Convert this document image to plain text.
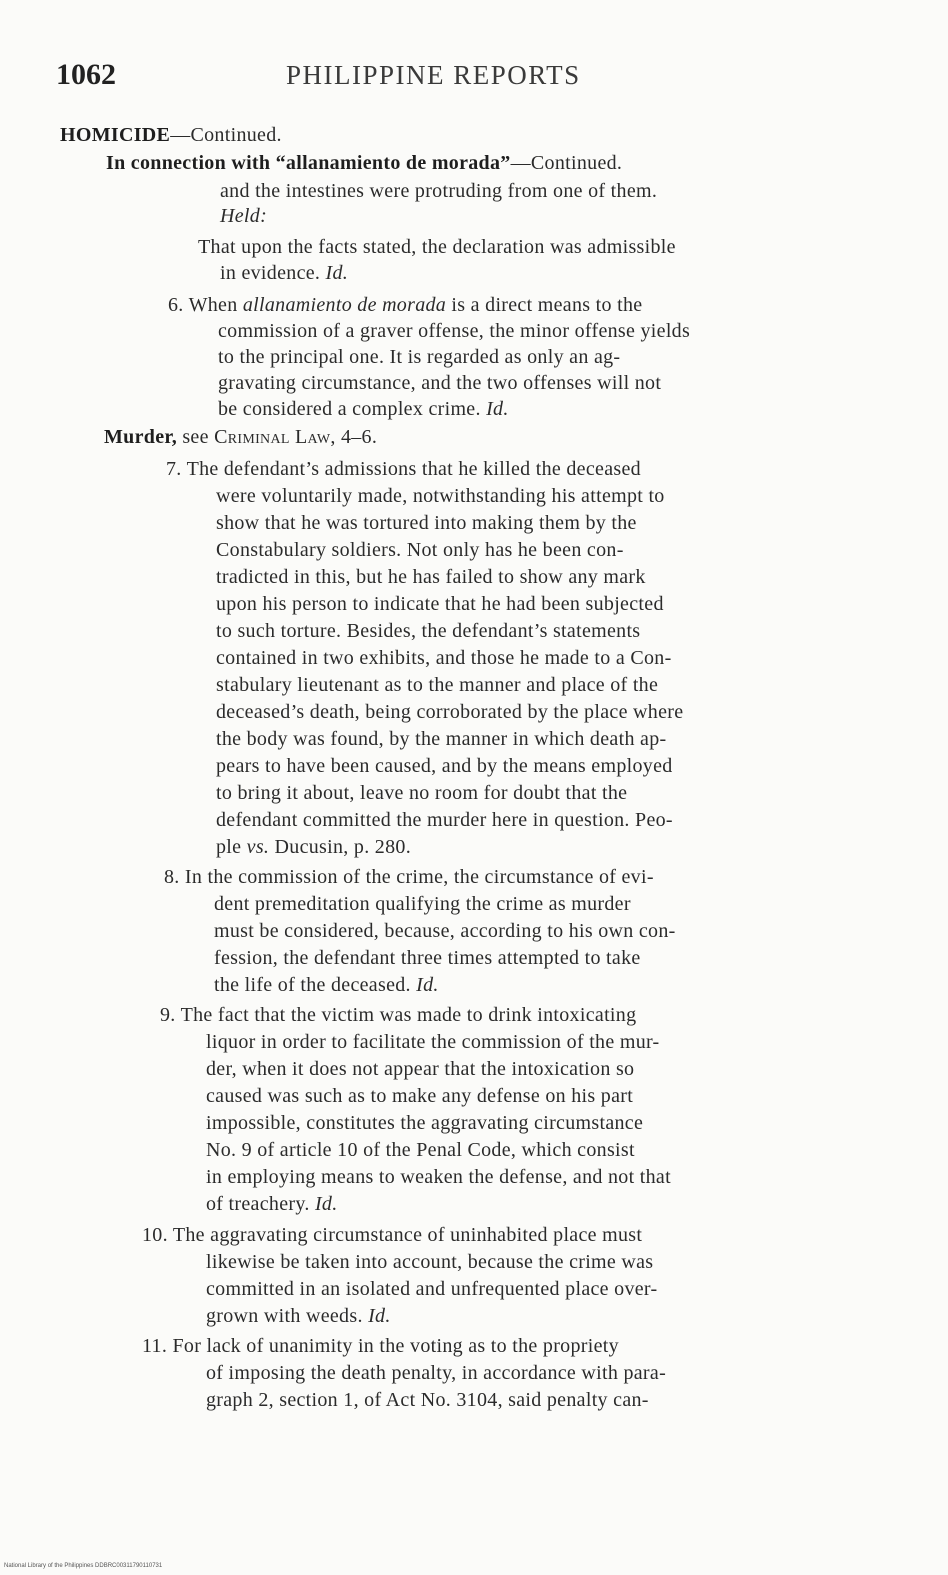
1062	PHILIPPINE REPORTS
HOMICIDE—Continued.
In connection with “allanamiento de morada”—Continued.
and the intestines were protruding from one of them.
Held:
That upon the facts stated, the declaration was admissible
in evidence. Id.
6. When allanamiento de morada is a direct means to the
commission of a graver offense, the minor offense yields
to the principal one. It is regarded as only an ag-
gravating circumstance, and the two offenses will not
be considered a complex crime. Id.
Murder, see Criminal Law, 4–6.
7. The defendant’s admissions that he killed the deceased
were voluntarily made, notwithstanding his attempt to
show that he was tortured into making them by the
Constabulary soldiers. Not only has he been con-
tradicted in this, but he has failed to show any mark
upon his person to indicate that he had been subjected
to such torture. Besides, the defendant’s statements
contained in two exhibits, and those he made to a Con-
stabulary lieutenant as to the manner and place of the
deceased’s death, being corroborated by the place where
the body was found, by the manner in which death ap-
pears to have been caused, and by the means employed
to bring it about, leave no room for doubt that the
defendant committed the murder here in question. Peo-
ple vs. Ducusin, p. 280.
8. In the commission of the crime, the circumstance of evi-
dent premeditation qualifying the crime as murder
must be considered, because, according to his own con-
fession, the defendant three times attempted to take
the life of the deceased. Id.
9. The fact that the victim was made to drink intoxicating
liquor in order to facilitate the commission of the mur-
der, when it does not appear that the intoxication so
caused was such as to make any defense on his part
impossible, constitutes the aggravating circumstance
No. 9 of article 10 of the Penal Code, which consist
in employing means to weaken the defense, and not that
of treachery. Id.
10. The aggravating circumstance of uninhabited place must
likewise be taken into account, because the crime was
committed in an isolated and unfrequented place over-
grown with weeds. Id.
11. For lack of unanimity in the voting as to the propriety
of imposing the death penalty, in accordance with para-
graph 2, section 1, of Act No. 3104, said penalty can-
National Library of the Philippines DDBRC00311790110731
